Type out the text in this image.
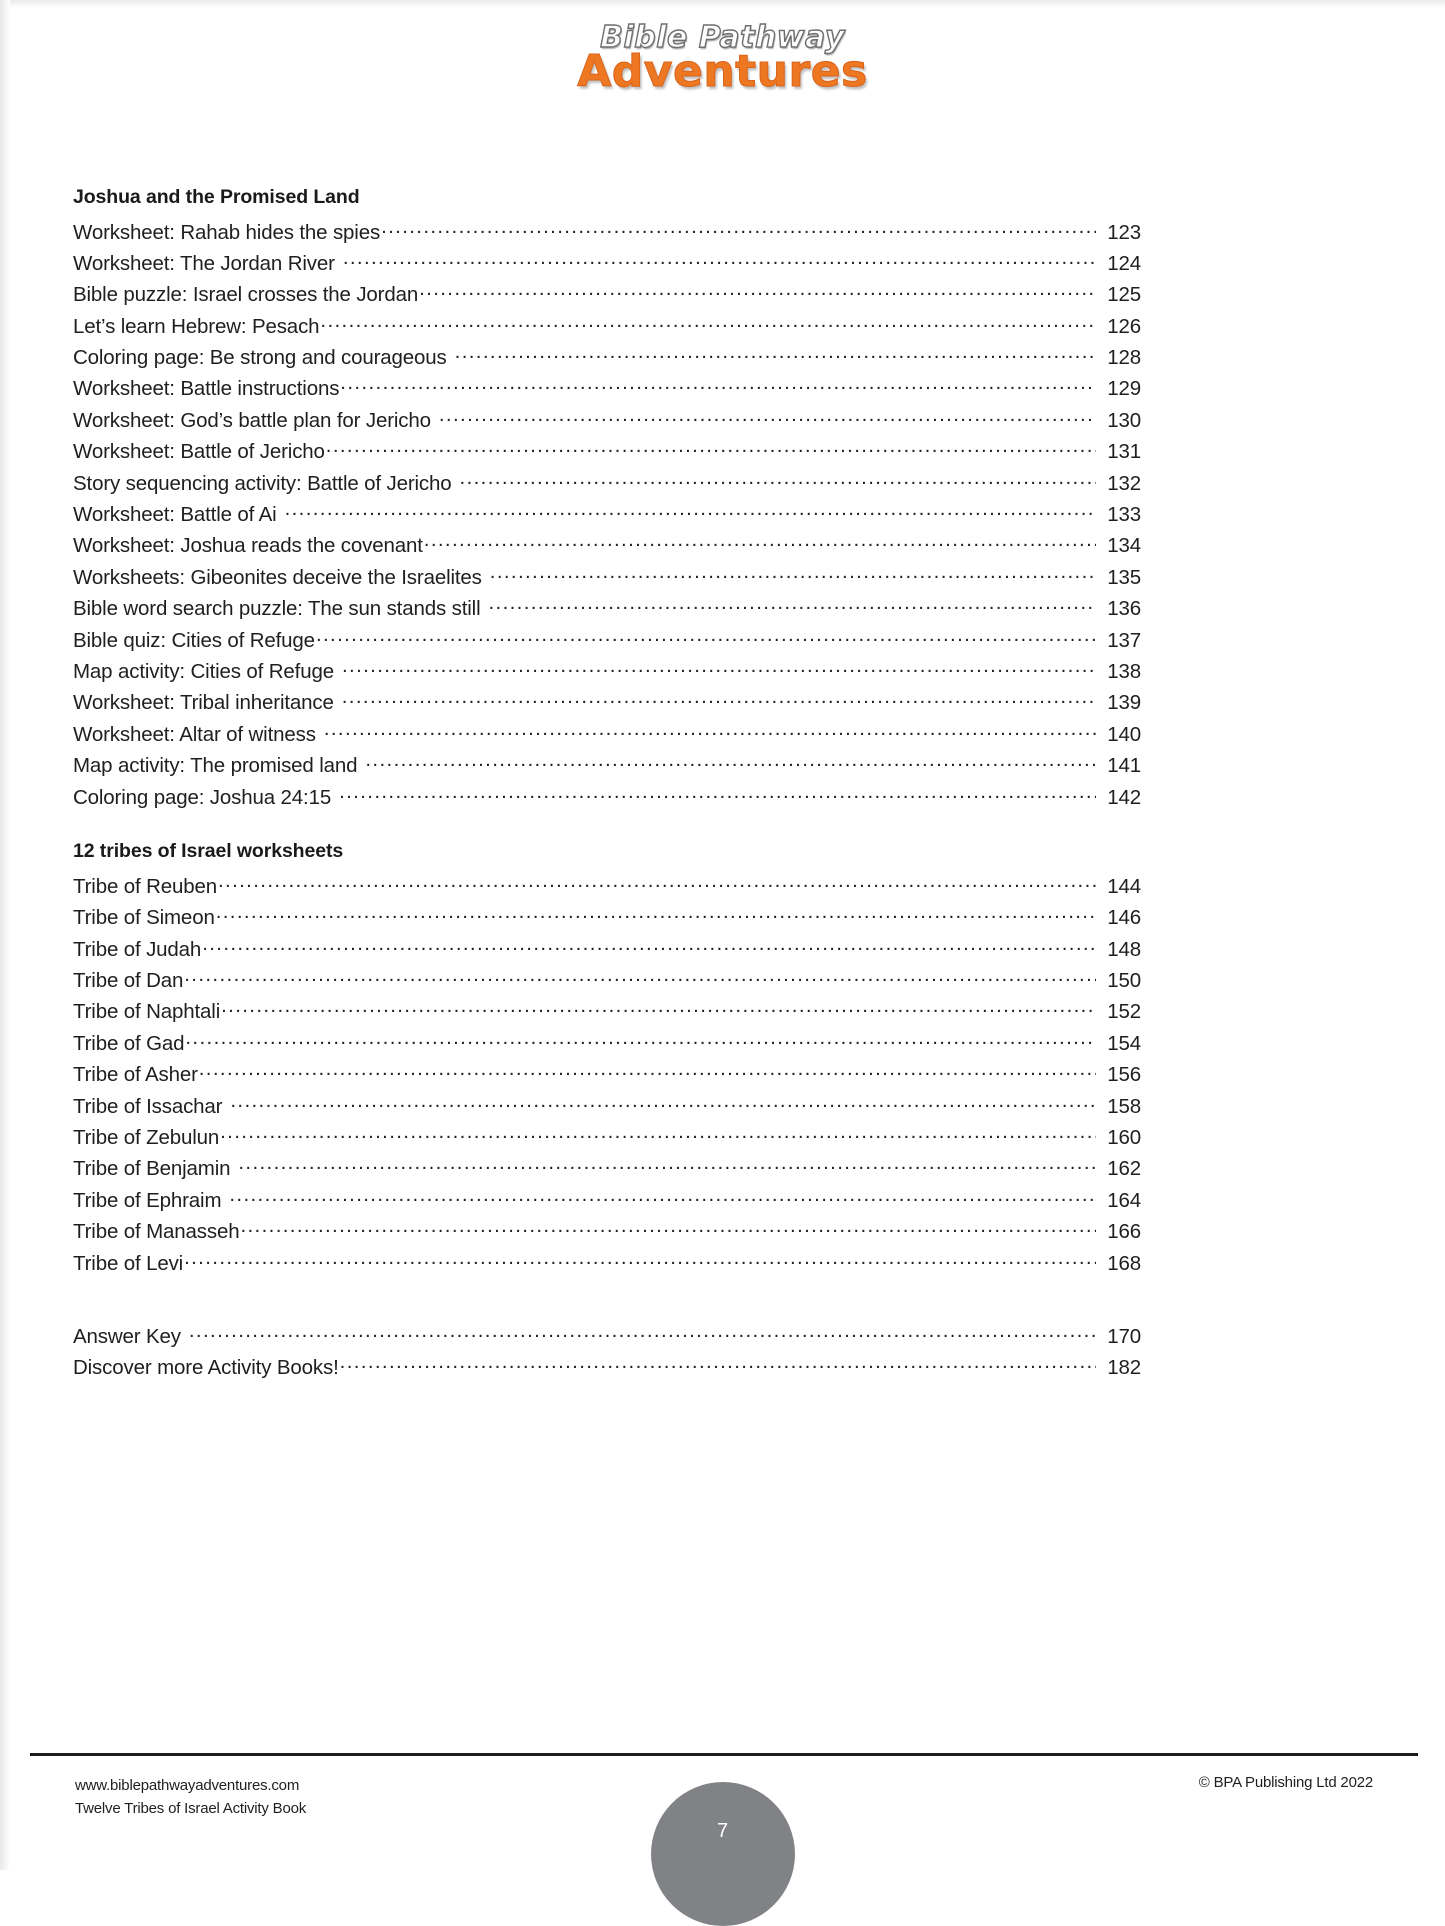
Bible Pathway
Adventures
Joshua and the Promised Land
Worksheet: Rahab hides the spies .....	123
Worksheet: The Jordan River .....	124
Bible puzzle: Israel crosses the Jordan .....	125
Let’s learn Hebrew: Pesach .....	126
Coloring page: Be strong and courageous .....	128
Worksheet: Battle instructions .....	129
Worksheet: God’s battle plan for Jericho .....	130
Worksheet: Battle of Jericho .....	131
Story sequencing activity: Battle of Jericho .....	132
Worksheet: Battle of Ai .....	133
Worksheet: Joshua reads the covenant .....	134
Worksheets: Gibeonites deceive the Israelites .....	135
Bible word search puzzle: The sun stands still .....	136
Bible quiz: Cities of Refuge .....	137
Map activity: Cities of Refuge .....	138
Worksheet: Tribal inheritance .....	139
Worksheet: Altar of witness .....	140
Map activity: The promised land .....	141
Coloring page: Joshua 24:15 .....	142
12 tribes of Israel worksheets
Tribe of Reuben .....	144
Tribe of Simeon .....	146
Tribe of Judah .....	148
Tribe of Dan .....	150
Tribe of Naphtali .....	152
Tribe of Gad .....	154
Tribe of Asher .....	156
Tribe of Issachar .....	158
Tribe of Zebulun .....	160
Tribe of Benjamin .....	162
Tribe of Ephraim .....	164
Tribe of Manasseh .....	166
Tribe of Levi .....	168
Answer Key .....	170
Discover more Activity Books! .....	182
www.biblepathwayadventures.com
Twelve Tribes of Israel Activity Book
© BPA Publishing Ltd 2022
7
